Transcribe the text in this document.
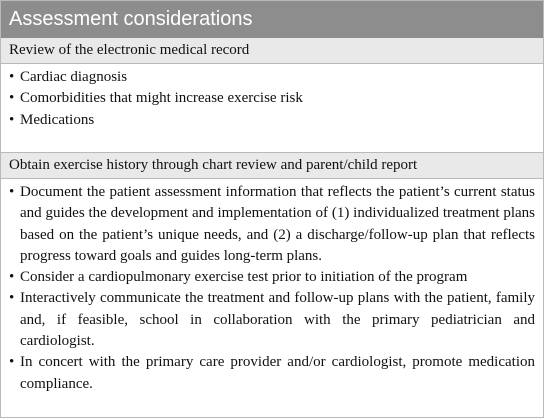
Assessment considerations
Review of the electronic medical record
• Cardiac diagnosis
• Comorbidities that might increase exercise risk
• Medications
Obtain exercise history through chart review and parent/child report
• Document the patient assessment information that reflects the patient’s current status and guides the development and implementation of (1) individualized treatment plans based on the patient’s unique needs, and (2) a discharge/follow-up plan that reflects progress toward goals and guides long-term plans.
• Consider a cardiopulmonary exercise test prior to initiation of the program
• Interactively communicate the treatment and follow-up plans with the patient, family and, if feasible, school in collaboration with the primary pediatrician and cardiologist.
• In concert with the primary care provider and/or cardiologist, promote medication compliance.
